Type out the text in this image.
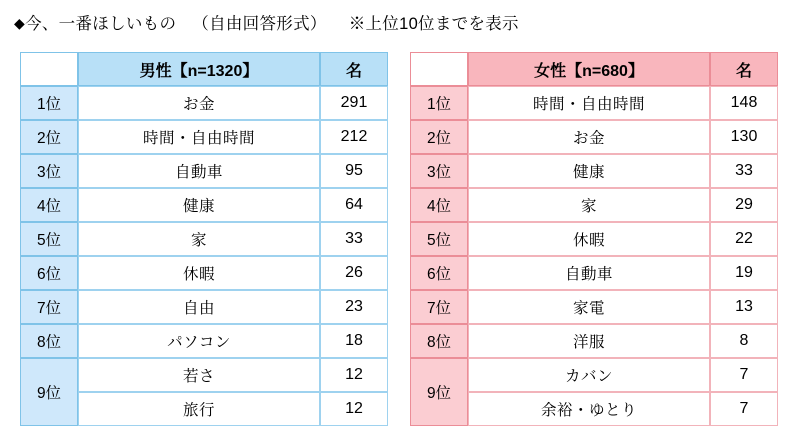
◆今、一番ほしいもの （自由回答形式） ※上位10位までを表示
	男性【n=1320】	名
1位	お金	291
2位	時間・自由時間	212
3位	自動車	95
4位	健康	64
5位	家	33
6位	休暇	26
7位	自由	23
8位	パソコン	18
9位	若さ	12
	旅行	12
	女性【n=680】	名
1位	時間・自由時間	148
2位	お金	130
3位	健康	33
4位	家	29
5位	休暇	22
6位	自動車	19
7位	家電	13
8位	洋服	8
9位	カバン	7
	余裕・ゆとり	7
